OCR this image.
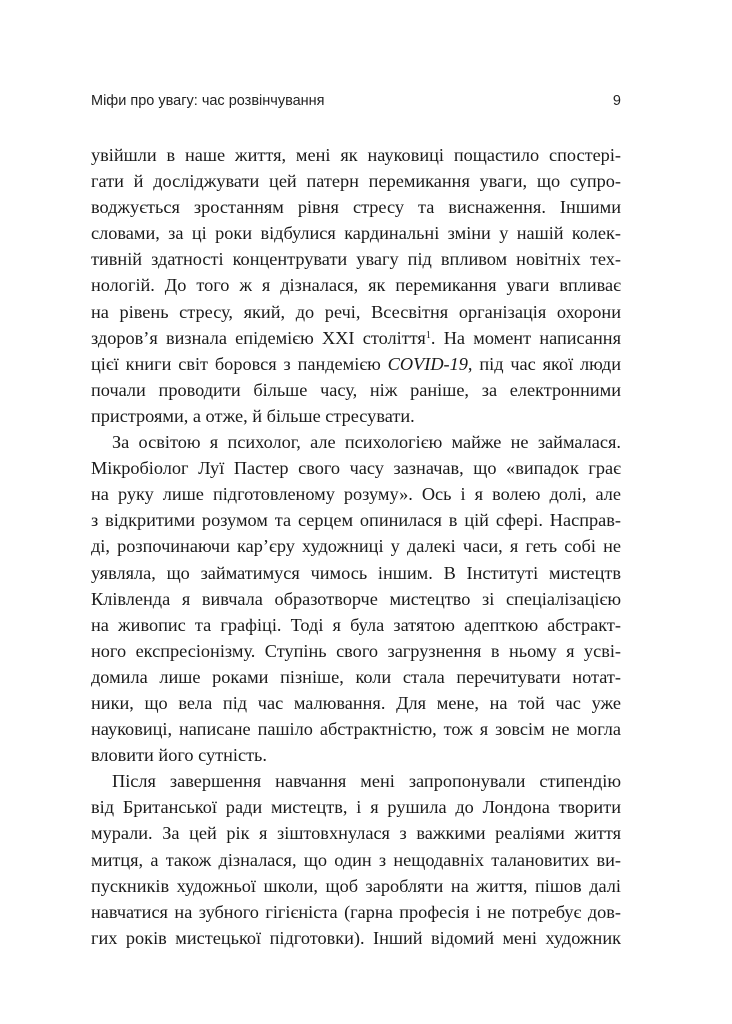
Міфи про увагу: час розвінчування	9
увійшли в наше життя, мені як науковиці пощастило спостері-
гати й досліджувати цей патерн перемикання уваги, що супро-
воджується зростанням рівня стресу та виснаження. Іншими
словами, за ці роки відбулися кардинальні зміни у нашій колек-
тивній здатності концентрувати увагу під впливом новітніх тех-
нологій. До того ж я дізналася, як перемикання уваги впливає
на рівень стресу, який, до речі, Всесвітня організація охорони
здоров’я визнала епідемією XXI століття$^1$. На момент написання
цієї книги світ боровся з пандемією COVID-19, під час якої люди
почали проводити більше часу, ніж раніше, за електронними
пристроями, а отже, й більше стресувати.
За освітою я психолог, але психологією майже не займалася.
Мікробіолог Луї Пастер свого часу зазначав, що «випадок грає
на руку лише підготовленому розуму». Ось і я волею долі, але
з відкритими розумом та серцем опинилася в цій сфері. Насправ-
ді, розпочинаючи кар’єру художниці у далекі часи, я геть собі не
уявляла, що займатимуся чимось іншим. В Інституті мистецтв
Клівленда я вивчала образотворче мистецтво зі спеціалізацією
на живопис та графіці. Тоді я була затятою адепткою абстракт-
ного експресіонізму. Ступінь свого загрузнення в ньому я усві-
домила лише роками пізніше, коли стала перечитувати нотат-
ники, що вела під час малювання. Для мене, на той час уже
науковиці, написане пашіло абстрактністю, тож я зовсім не могла
вловити його сутність.
Після завершення навчання мені запропонували стипендію
від Британської ради мистецтв, і я рушила до Лондона творити
мурали. За цей рік я зіштовхнулася з важкими реаліями життя
митця, а також дізналася, що один з нещодавніх талановитих ви-
пускників художньої школи, щоб заробляти на життя, пішов далі
навчатися на зубного гігієніста (гарна професія і не потребує дов-
гих років мистецької підготовки). Інший відомий мені художник
